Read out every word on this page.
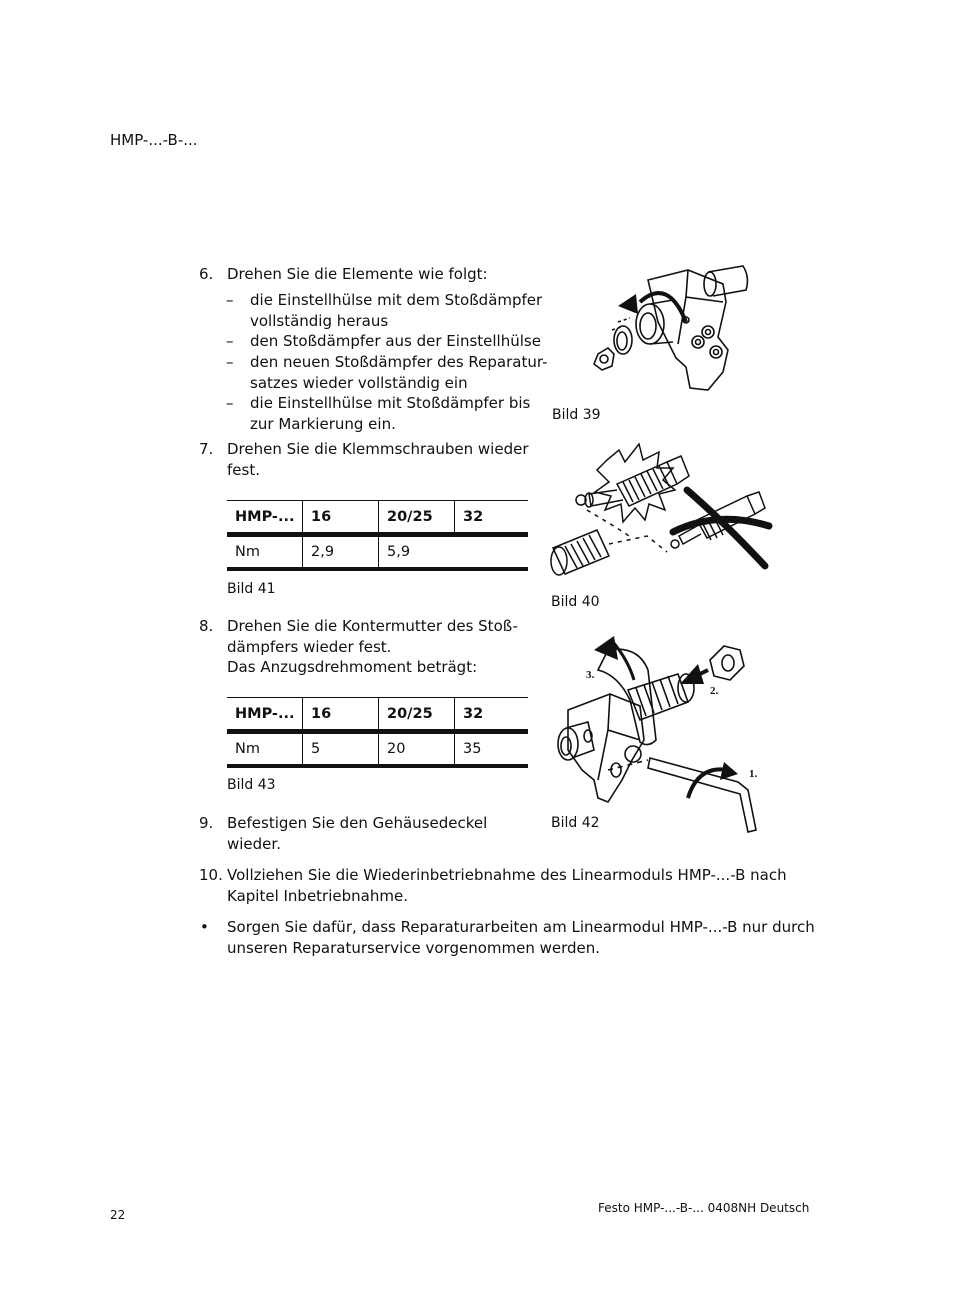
HMP-...-B-...
6. Drehen Sie die Elemente wie folgt:
– die Einstellhülse mit dem Stoßdämpfer
vollständig heraus
– den Stoßdämpfer aus der Einstellhülse
– den neuen Stoßdämpfer des Reparatur-
satzes wieder vollständig ein
– die Einstellhülse mit Stoßdämpfer bis
zur Markierung ein.
7. Drehen Sie die Klemmschrauben wieder
fest.
HMP-...	16	20/25	32
Nm	2,9	5,9	
Bild 41
8. Drehen Sie die Kontermutter des Stoß-
dämpfers wieder fest.
Das Anzugsdrehmoment beträgt:
HMP-...	16	20/25	32
Nm	5	20	35
Bild 43
9. Befestigen Sie den Gehäusedeckel
wieder.
10. Vollziehen Sie die Wiederinbetriebnahme des Linearmoduls HMP-...-B nach
Kapitel Inbetriebnahme.
• Sorgen Sie dafür, dass Reparaturarbeiten am Linearmodul HMP-...-B nur durch
unseren Reparaturservice vorgenommen werden.
Bild 39
Bild 40
3.
2.
1.
Bild 42
22	Festo HMP-...-B-... 0408NH Deutsch
